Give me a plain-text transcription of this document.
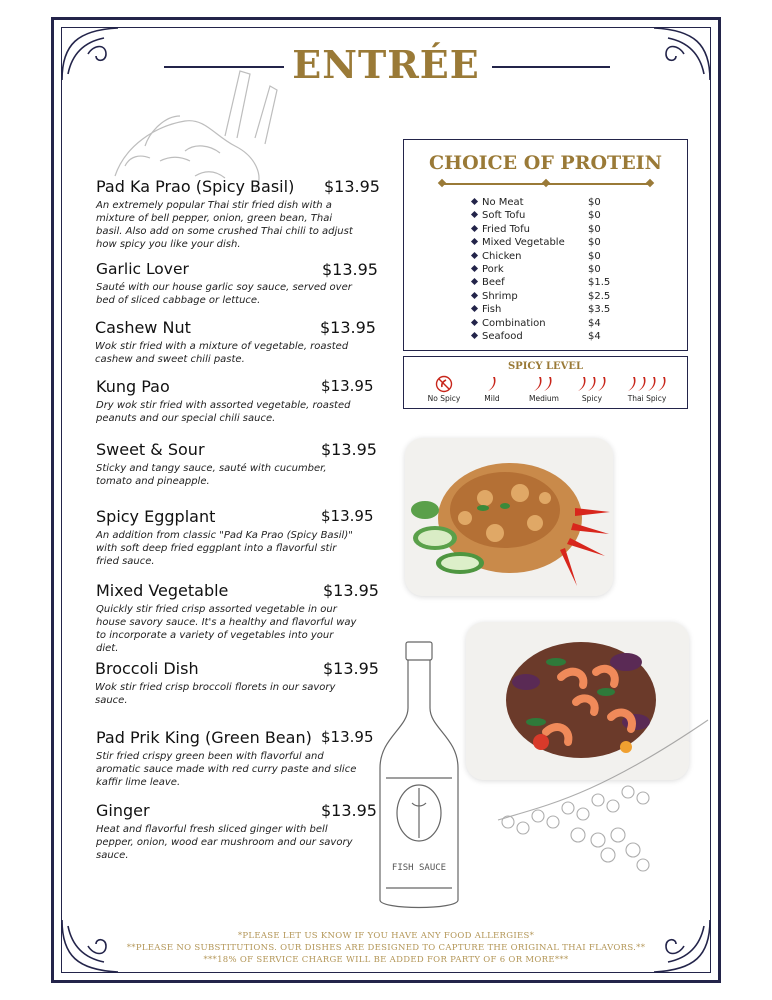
ENTRÉE
Pad Ka Prao (Spicy Basil)	$13.95
An extremely popular Thai stir fried dish with a mixture of bell pepper, onion, green bean, Thai basil. Also add on some crushed Thai chili to adjust how spicy you like your dish.
Garlic Lover	$13.95
Sauté with our house garlic soy sauce, served over bed of sliced cabbage or lettuce.
Cashew Nut	$13.95
Wok stir fried with a mixture of vegetable, roasted cashew and sweet chili paste.
Kung Pao	$13.95
Dry wok stir fried with assorted vegetable, roasted peanuts and our special chili sauce.
Sweet & Sour	$13.95
Sticky and tangy sauce, sauté with cucumber, tomato and pineapple.
Spicy Eggplant	$13.95
An addition from classic "Pad Ka Prao (Spicy Basil)" with soft deep fried eggplant into a flavorful stir fried sauce.
Mixed Vegetable	$13.95
Quickly stir fried crisp assorted vegetable in our house savory sauce. It's a healthy and flavorful way to incorporate a variety of vegetables into your diet.
Broccoli Dish	$13.95
Wok stir fried crisp broccoli florets in our savory sauce.
Pad Prik King (Green Bean) $13.95
Stir fried crispy green been with flavorful and aromatic sauce made with red curry paste and slice kaffir lime leave.
Ginger	$13.95
Heat and flavorful fresh sliced ginger with bell pepper, onion, wood ear mushroom and our savory sauce.
CHOICE OF PROTEIN
No Meat	$0
Soft Tofu	$0
Fried Tofu	$0
Mixed Vegetable $0
Chicken	$0
Pork	$0
Beef	$1.5
Shrimp	$2.5
Fish	$3.5
Combination	$4
Seafood	$4
SPICY LEVEL
No Spicy	Mild	Medium	Spicy	Thai Spicy
FISH SAUCE
*PLEASE LET US KNOW IF YOU HAVE ANY FOOD ALLERGIES*
**PLEASE NO SUBSTITUTIONS. OUR DISHES ARE DESIGNED TO CAPTURE THE ORIGINAL THAI FLAVORS.**
***18% OF SERVICE CHARGE WILL BE ADDED FOR PARTY OF 6 OR MORE***
